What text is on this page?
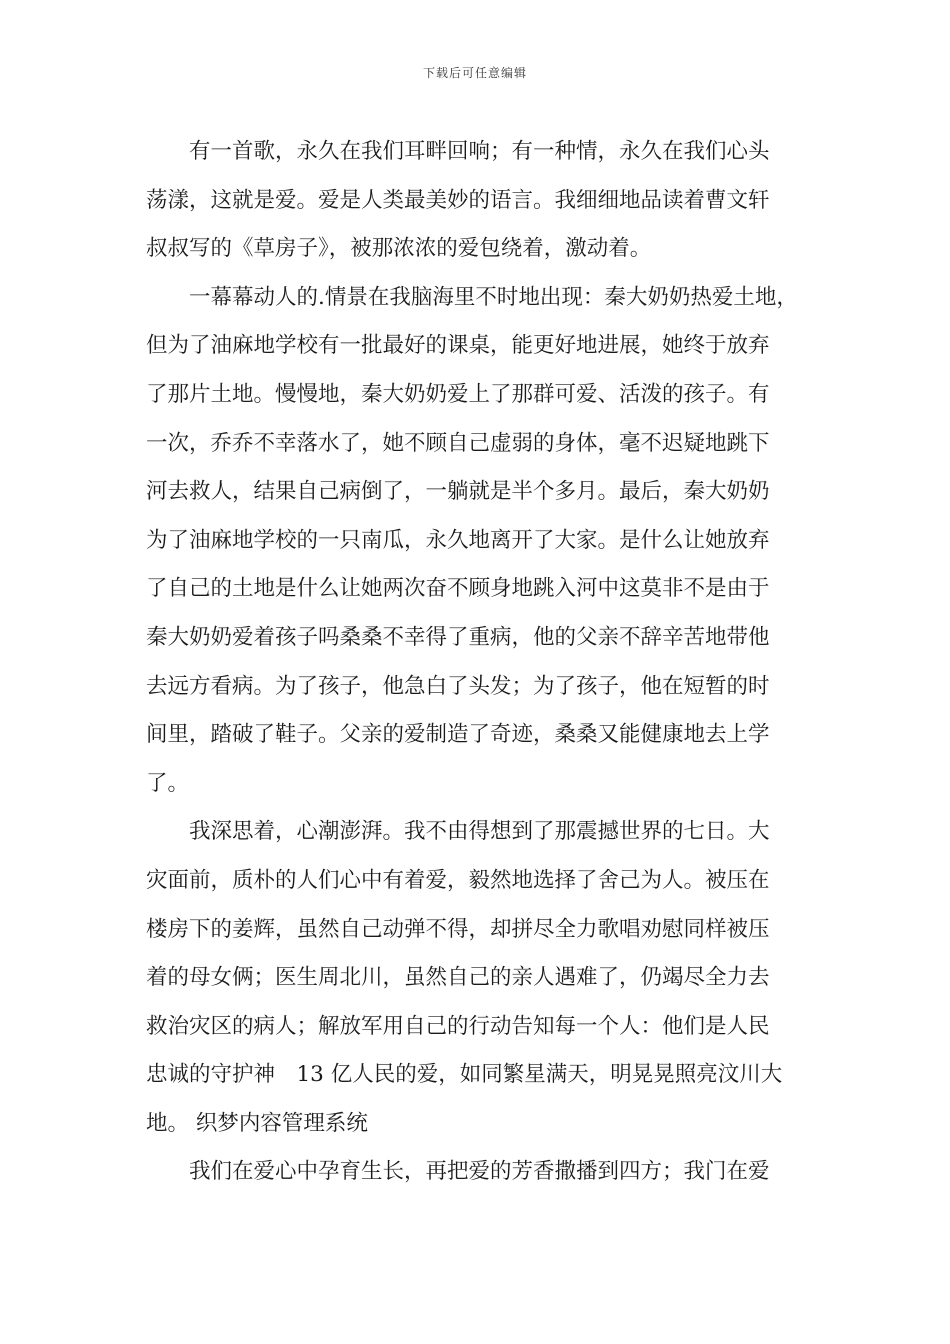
下载后可任意编辑
有一首歌，永久在我们耳畔回响；有一种情，永久在我们心头
荡漾，这就是爱。爱是人类最美妙的语言。我细细地品读着曹文轩
叔叔写的《草房子》，被那浓浓的爱包绕着，激动着。
一幕幕动人的.情景在我脑海里不时地出现：秦大奶奶热爱土地，
但为了油麻地学校有一批最好的课桌，能更好地进展，她终于放弃
了那片土地。慢慢地，秦大奶奶爱上了那群可爱、活泼的孩子。有
一次，乔乔不幸落水了，她不顾自己虚弱的身体，毫不迟疑地跳下
河去救人，结果自己病倒了，一躺就是半个多月。最后，秦大奶奶
为了油麻地学校的一只南瓜，永久地离开了大家。是什么让她放弃
了自己的土地是什么让她两次奋不顾身地跳入河中这莫非不是由于
秦大奶奶爱着孩子吗桑桑不幸得了重病，他的父亲不辞辛苦地带他
去远方看病。为了孩子，他急白了头发；为了孩子，他在短暂的时
间里，踏破了鞋子。父亲的爱制造了奇迹，桑桑又能健康地去上学
了。
我深思着，心潮澎湃。我不由得想到了那震撼世界的七日。大
灾面前，质朴的人们心中有着爱，毅然地选择了舍己为人。被压在
楼房下的姜辉，虽然自己动弹不得，却拼尽全力歌唱劝慰同样被压
着的母女俩；医生周北川，虽然自己的亲人遇难了，仍竭尽全力去
救治灾区的病人；解放军用自己的行动告知每一个人：他们是人民
忠诚的守护神　13 亿人民的爱，如同繁星满天，明晃晃照亮汶川大
地。 织梦内容管理系统
我们在爱心中孕育生长，再把爱的芳香撒播到四方；我门在爱
